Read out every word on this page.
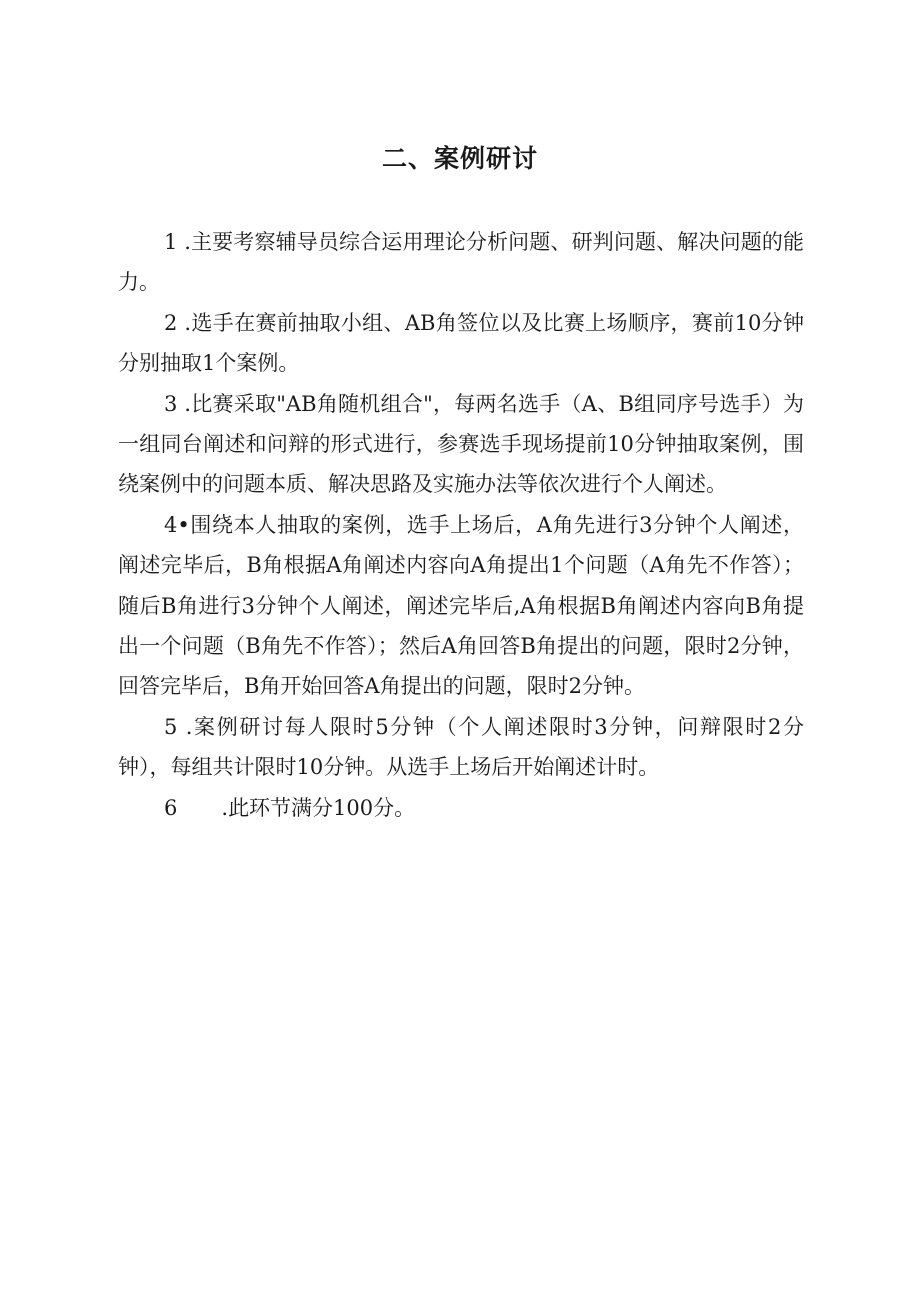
二、案例研讨

1 .主要考察辅导员综合运用理论分析问题、研判问题、解决问题的能力。

2 .选手在赛前抽取小组、AB角签位以及比赛上场顺序，赛前10分钟分别抽取1个案例。

3 .比赛采取"AB角随机组合"，每两名选手（A、B组同序号选手）为一组同台阐述和问辩的形式进行，参赛选手现场提前10分钟抽取案例，围绕案例中的问题本质、解决思路及实施办法等依次进行个人阐述。

4•围绕本人抽取的案例，选手上场后，A角先进行3分钟个人阐述，阐述完毕后，B角根据A角阐述内容向A角提出1个问题（A角先不作答）；随后B角进行3分钟个人阐述，阐述完毕后,A角根据B角阐述内容向B角提出一个问题（B角先不作答）；然后A角回答B角提出的问题，限时2分钟，回答完毕后，B角开始回答A角提出的问题，限时2分钟。

5 .案例研讨每人限时5分钟（个人阐述限时3分钟，问辩限时2分钟），每组共计限时10分钟。从选手上场后开始阐述计时。

6 .此环节满分100分。
